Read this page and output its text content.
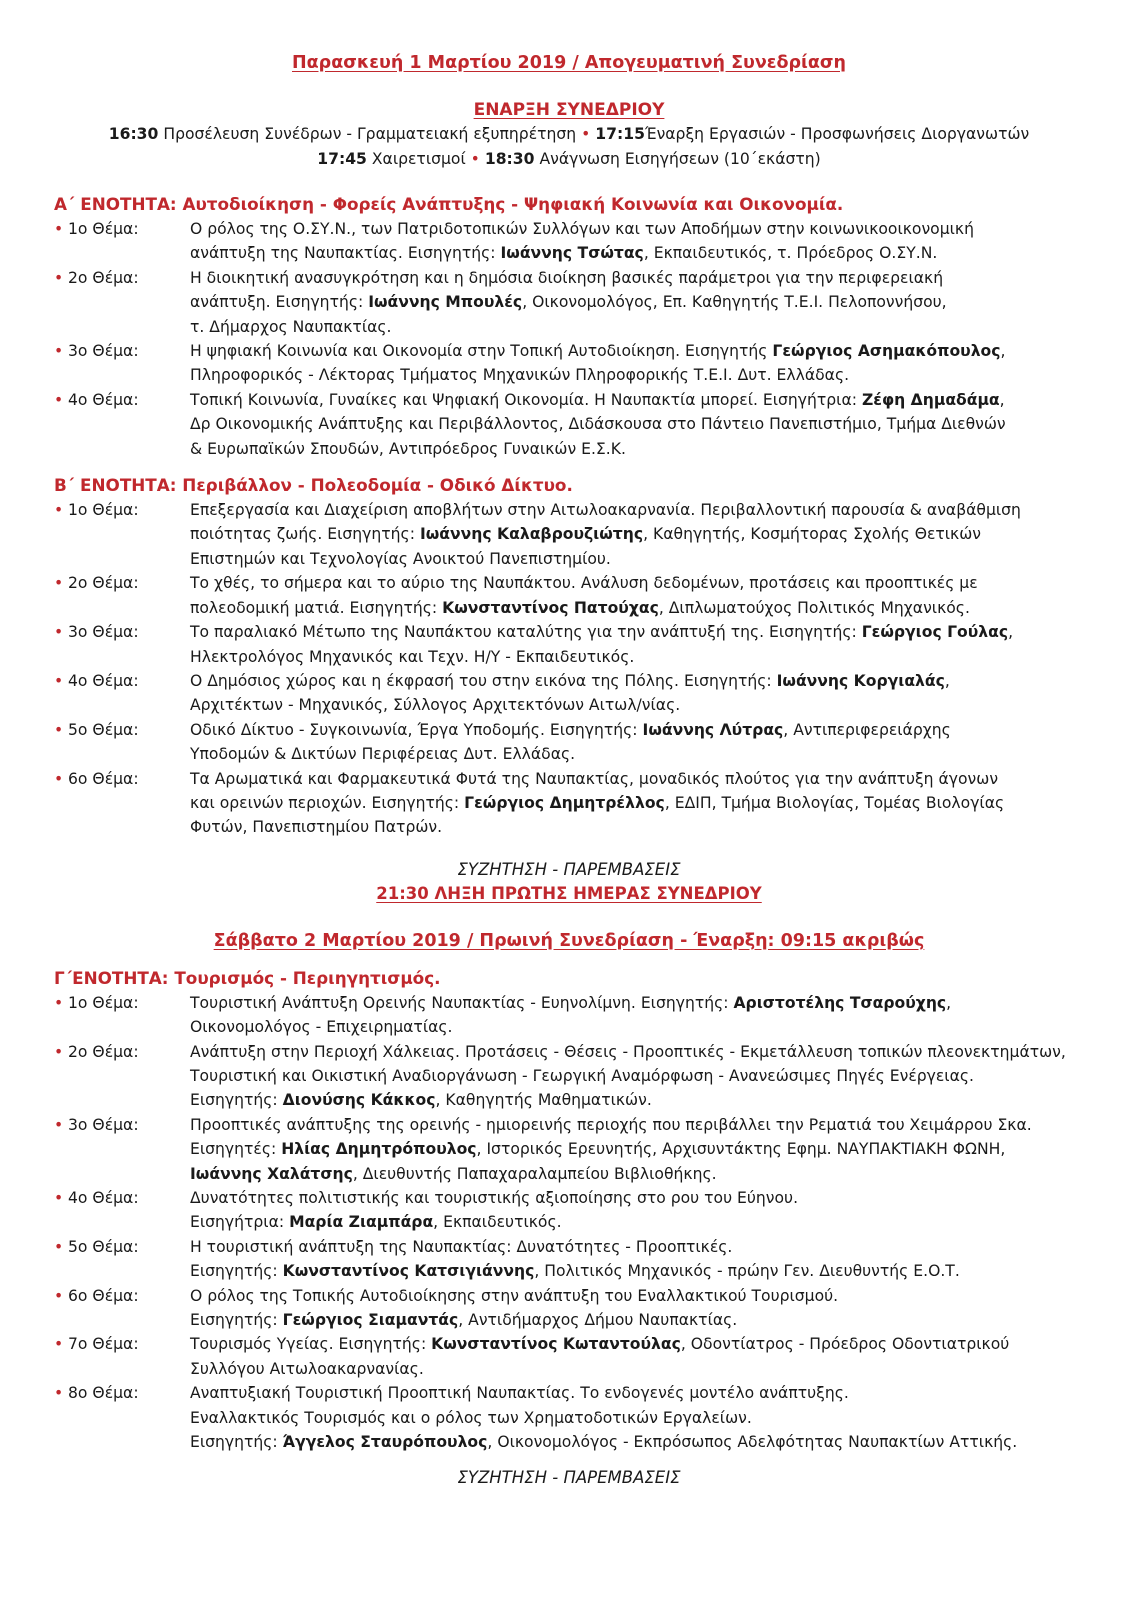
Παρασκευή 1 Μαρτίου 2019 / Απογευματινή Συνεδρίαση
ΕΝΑΡΞΗ ΣΥΝΕΔΡΙΟΥ

16:30 Προσέλευση Συνέδρων - Γραμματειακή εξυπηρέτηση • 17:15Έναρξη Εργασιών - Προσφωνήσεις Διοργανωτών

17:45 Χαιρετισμοί • 18:30 Ανάγνωση Εισηγήσεων (10΄εκάστη)

Α΄ ΕΝΟΤΗΤΑ: Αυτοδιοίκηση - Φορείς Ανάπτυξης - Ψηφιακή Κοινωνία και Οικονομία.

• 1ο Θέμα:	Ο ρόλος της Ο.ΣΥ.Ν., των Πατριδοτοπικών Συλλόγων και των Αποδήμων στην κοινωνικοοικονομική

ανάπτυξη της Ναυπακτίας. Εισηγητής: Ιωάννης Τσώτας, Εκπαιδευτικός, τ. Πρόεδρος Ο.ΣΥ.Ν.

• 2ο Θέμα:	Η διοικητική ανασυγκρότηση και η δημόσια διοίκηση βασικές παράμετροι για την περιφερειακή

ανάπτυξη. Εισηγητής: Ιωάννης Μπουλές, Οικονομολόγος, Επ. Καθηγητής Τ.Ε.Ι. Πελοποννήσου,

τ. Δήμαρχος Ναυπακτίας.

• 3ο Θέμα:	Η ψηφιακή Κοινωνία και Οικονομία στην Τοπική Αυτοδιοίκηση. Εισηγητής Γεώργιος Ασημακόπουλος,

Πληροφορικός - Λέκτορας Τμήματος Μηχανικών Πληροφορικής Τ.Ε.Ι. Δυτ. Ελλάδας.

• 4ο Θέμα:	Τοπική Κοινωνία, Γυναίκες και Ψηφιακή Οικονομία. Η Ναυπακτία μπορεί. Εισηγήτρια: Ζέφη Δημαδάμα,

Δρ Οικονομικής Ανάπτυξης και Περιβάλλοντος, Διδάσκουσα στο Πάντειο Πανεπιστήμιο, Τμήμα Διεθνών

& Ευρωπαϊκών Σπουδών, Αντιπρόεδρος Γυναικών Ε.Σ.Κ.

Β΄ ΕΝΟΤΗΤΑ: Περιβάλλον - Πολεοδομία - Οδικό Δίκτυο.

• 1ο Θέμα:	Επεξεργασία και Διαχείριση αποβλήτων στην Αιτωλοακαρνανία. Περιβαλλοντική παρουσία & αναβάθμιση

ποιότητας ζωής. Εισηγητής: Ιωάννης Καλαβρουζιώτης, Καθηγητής, Κοσμήτορας Σχολής Θετικών

Επιστημών και Τεχνολογίας Ανοικτού Πανεπιστημίου.

• 2ο Θέμα:	Το χθές, το σήμερα και το αύριο της Ναυπάκτου. Ανάλυση δεδομένων, προτάσεις και προοπτικές με

πολεοδομική ματιά. Εισηγητής: Κωνσταντίνος Πατούχας, Διπλωματούχος Πολιτικός Μηχανικός.

• 3ο Θέμα:	Το παραλιακό Μέτωπο της Ναυπάκτου καταλύτης για την ανάπτυξή της. Εισηγητής: Γεώργιος Γούλας,

Ηλεκτρολόγος Μηχανικός και Τεχν. Η/Υ - Εκπαιδευτικός.

• 4ο Θέμα:	Ο Δημόσιος χώρος και η έκφρασή του στην εικόνα της Πόλης. Εισηγητής: Ιωάννης Κοργιαλάς,

Αρχιτέκτων - Μηχανικός, Σύλλογος Αρχιτεκτόνων Αιτωλ/νίας.

• 5ο Θέμα:	Οδικό Δίκτυο - Συγκοινωνία, Έργα Υποδομής. Εισηγητής: Ιωάννης Λύτρας, Αντιπεριφερειάρχης

Υποδομών & Δικτύων Περιφέρειας Δυτ. Ελλάδας.

• 6ο Θέμα:	Τα Αρωματικά και Φαρμακευτικά Φυτά της Ναυπακτίας, μοναδικός πλούτος για την ανάπτυξη άγονων

και ορεινών περιοχών. Εισηγητής: Γεώργιος Δημητρέλλος, ΕΔΙΠ, Τμήμα Βιολογίας, Τομέας Βιολογίας

Φυτών, Πανεπιστημίου Πατρών.

ΣΥΖΗΤΗΣΗ - ΠΑΡΕΜΒΑΣΕΙΣ

21:30 ΛΗΞΗ ΠΡΩΤΗΣ ΗΜΕΡΑΣ ΣΥΝΕΔΡΙΟΥ

Σάββατο 2 Μαρτίου 2019 / Πρωινή Συνεδρίαση - Έναρξη: 09:15 ακριβώς

Γ΄ΕΝΟΤΗΤΑ: Τουρισμός - Περιηγητισμός.

• 1ο Θέμα:	Τουριστική Ανάπτυξη Ορεινής Ναυπακτίας - Ευηνολίμνη. Εισηγητής: Αριστοτέλης Τσαρούχης,

Οικονομολόγος - Επιχειρηματίας.

• 2ο Θέμα:	Ανάπτυξη στην Περιοχή Χάλκειας. Προτάσεις - Θέσεις - Προοπτικές - Εκμετάλλευση τοπικών πλεονεκτημάτων,

Τουριστική και Οικιστική Αναδιοργάνωση - Γεωργική Αναμόρφωση - Ανανεώσιμες Πηγές Ενέργειας.

Εισηγητής: Διονύσης Κάκκος, Καθηγητής Μαθηματικών.

• 3ο Θέμα:	Προοπτικές ανάπτυξης της ορεινής - ημιορεινής περιοχής που περιβάλλει την Ρεματιά του Χειμάρρου Σκα.

Εισηγητές: Ηλίας Δημητρόπουλος, Ιστορικός Ερευνητής, Αρχισυντάκτης Εφημ. ΝΑΥΠΑΚΤΙΑΚΗ ΦΩΝΗ,

Ιωάννης Χαλάτσης, Διευθυντής Παπαχαραλαμπείου Βιβλιοθήκης.

• 4ο Θέμα:	Δυνατότητες πολιτιστικής και τουριστικής αξιοποίησης στο ρου του Εύηνου.

Εισηγήτρια: Μαρία Ζιαμπάρα, Εκπαιδευτικός.

• 5ο Θέμα:	Η τουριστική ανάπτυξη της Ναυπακτίας: Δυνατότητες - Προοπτικές.

Εισηγητής: Κωνσταντίνος Κατσιγιάννης, Πολιτικός Μηχανικός - πρώην Γεν. Διευθυντής Ε.Ο.Τ.

• 6ο Θέμα:	Ο ρόλος της Τοπικής Αυτοδιοίκησης στην ανάπτυξη του Εναλλακτικού Τουρισμού.

Εισηγητής: Γεώργιος Σιαμαντάς, Αντιδήμαρχος Δήμου Ναυπακτίας.

• 7ο Θέμα:	Τουρισμός Υγείας. Εισηγητής: Κωνσταντίνος Κωταντούλας, Οδοντίατρος - Πρόεδρος Οδοντιατρικού

Συλλόγου Αιτωλοακαρνανίας.

• 8ο Θέμα:	Αναπτυξιακή Τουριστική Προοπτική Ναυπακτίας. Το ενδογενές μοντέλο ανάπτυξης.

Εναλλακτικός Τουρισμός και ο ρόλος των Χρηματοδοτικών Εργαλείων.

Εισηγητής: Άγγελος Σταυρόπουλος, Οικονομολόγος - Εκπρόσωπος Αδελφότητας Ναυπακτίων Αττικής.

ΣΥΖΗΤΗΣΗ - ΠΑΡΕΜΒΑΣΕΙΣ
